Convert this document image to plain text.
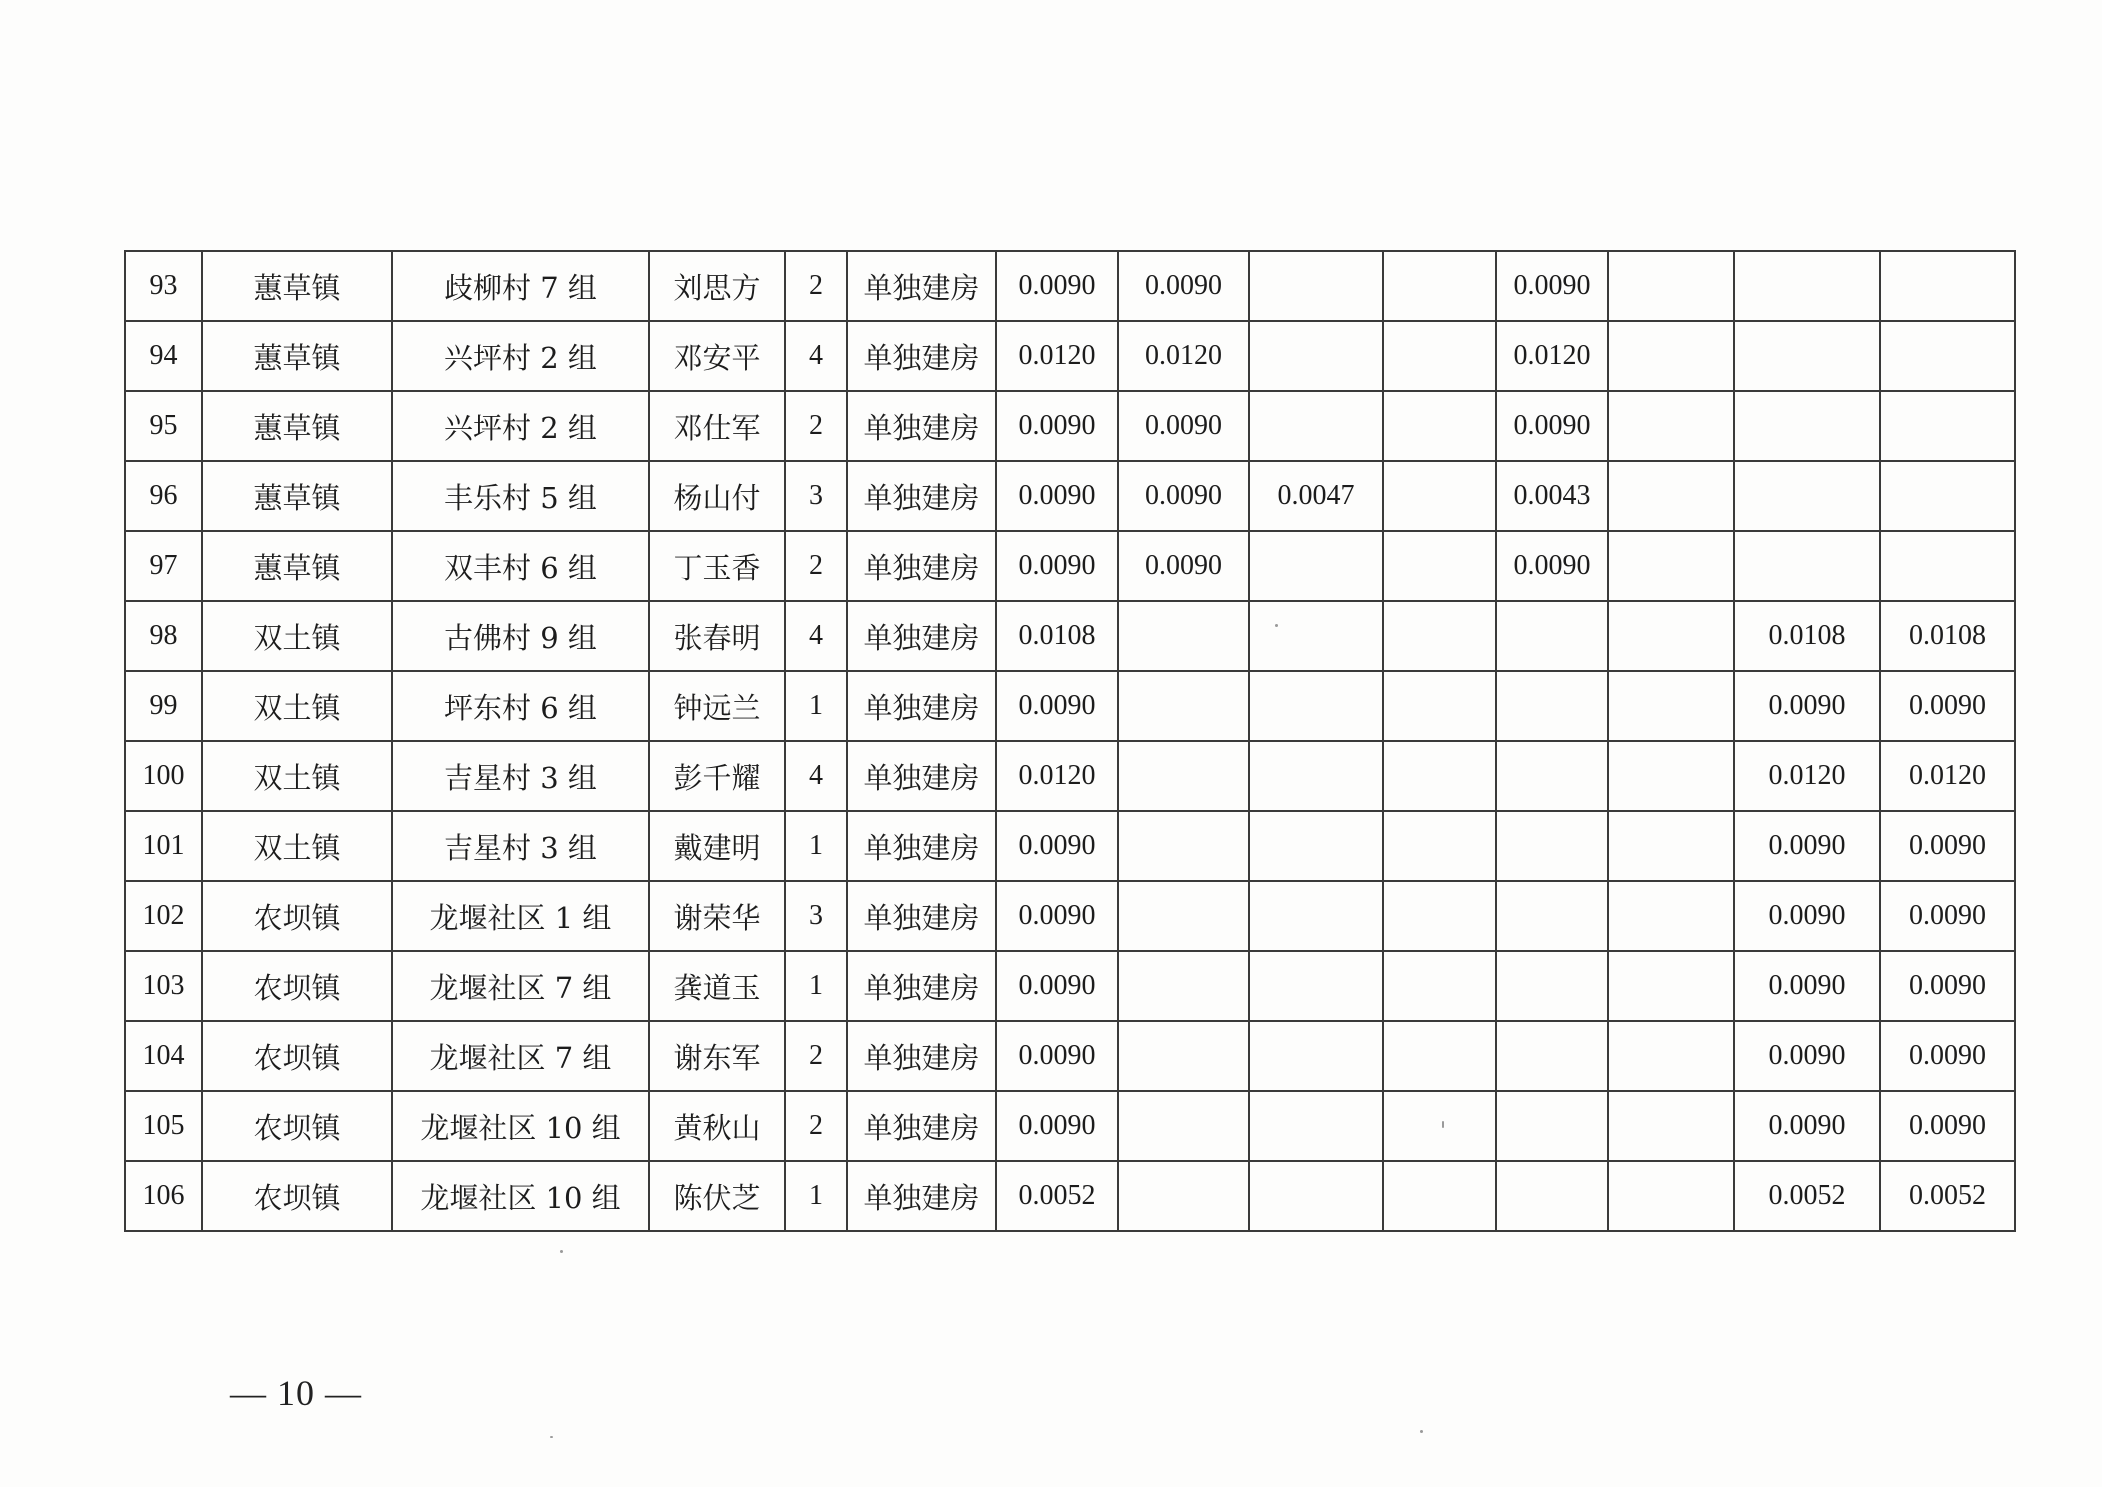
93	蕙草镇	歧柳村 7 组	刘思方	2	单独建房	0.0090	0.0090			0.0090			
94	蕙草镇	兴坪村 2 组	邓安平	4	单独建房	0.0120	0.0120			0.0120			
95	蕙草镇	兴坪村 2 组	邓仕军	2	单独建房	0.0090	0.0090			0.0090			
96	蕙草镇	丰乐村 5 组	杨山付	3	单独建房	0.0090	0.0090	0.0047		0.0043			
97	蕙草镇	双丰村 6 组	丁玉香	2	单独建房	0.0090	0.0090			0.0090			
98	双土镇	古佛村 9 组	张春明	4	单独建房	0.0108						0.0108	0.0108
99	双土镇	坪东村 6 组	钟远兰	1	单独建房	0.0090						0.0090	0.0090
100	双土镇	吉星村 3 组	彭千耀	4	单独建房	0.0120						0.0120	0.0120
101	双土镇	吉星村 3 组	戴建明	1	单独建房	0.0090						0.0090	0.0090
102	农坝镇	龙堰社区 1 组	谢荣华	3	单独建房	0.0090						0.0090	0.0090
103	农坝镇	龙堰社区 7 组	龚道玉	1	单独建房	0.0090						0.0090	0.0090
104	农坝镇	龙堰社区 7 组	谢东军	2	单独建房	0.0090						0.0090	0.0090
105	农坝镇	龙堰社区 10 组	黄秋山	2	单独建房	0.0090						0.0090	0.0090
106	农坝镇	龙堰社区 10 组	陈伏芝	1	单独建房	0.0052						0.0052	0.0052
— 10 —
